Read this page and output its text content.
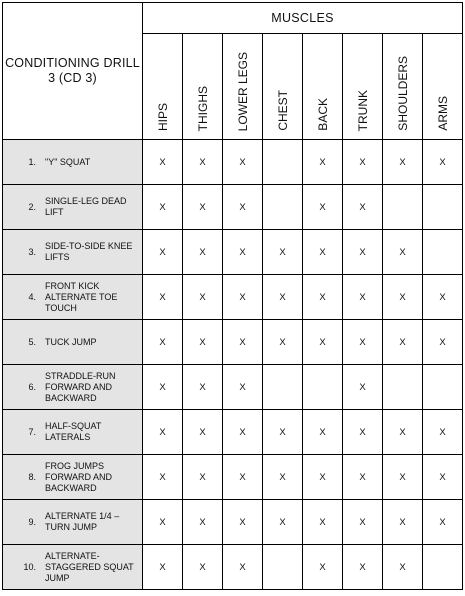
CONDITIONING DRILL 3 (CD 3)	MUSCLES							

	HIPS	THIGHS	LOWER LEGS	CHEST	BACK	TRUNK	SHOULDERS	ARMS

1. "Y" SQUAT	X	X	X		X	X	X	X

2.
SINGLE-LEG DEAD LIFT	X	X	X		X	X		

3.
SIDE-TO-SIDE KNEE LIFTS	X	X	X	X	X	X	X	

4.
FRONT KICK ALTERNATE TOE TOUCH	X	X	X	X	X	X	X	X

5. TUCK JUMP	X	X	X	X	X	X	X	X

6.
STRADDLE-RUN FORWARD AND BACKWARD	X	X	X			X		

7.
HALF-SQUAT LATERALS	X	X	X	X	X	X	X	X

8.
FROG JUMPS FORWARD AND BACKWARD	X	X	X	X	X	X	X	X

9.
ALTERNATE 1/4 – TURN JUMP	X	X	X	X	X	X	X	X

10.
ALTERNATE-STAGGERED SQUAT JUMP	X	X	X		X	X	X	
